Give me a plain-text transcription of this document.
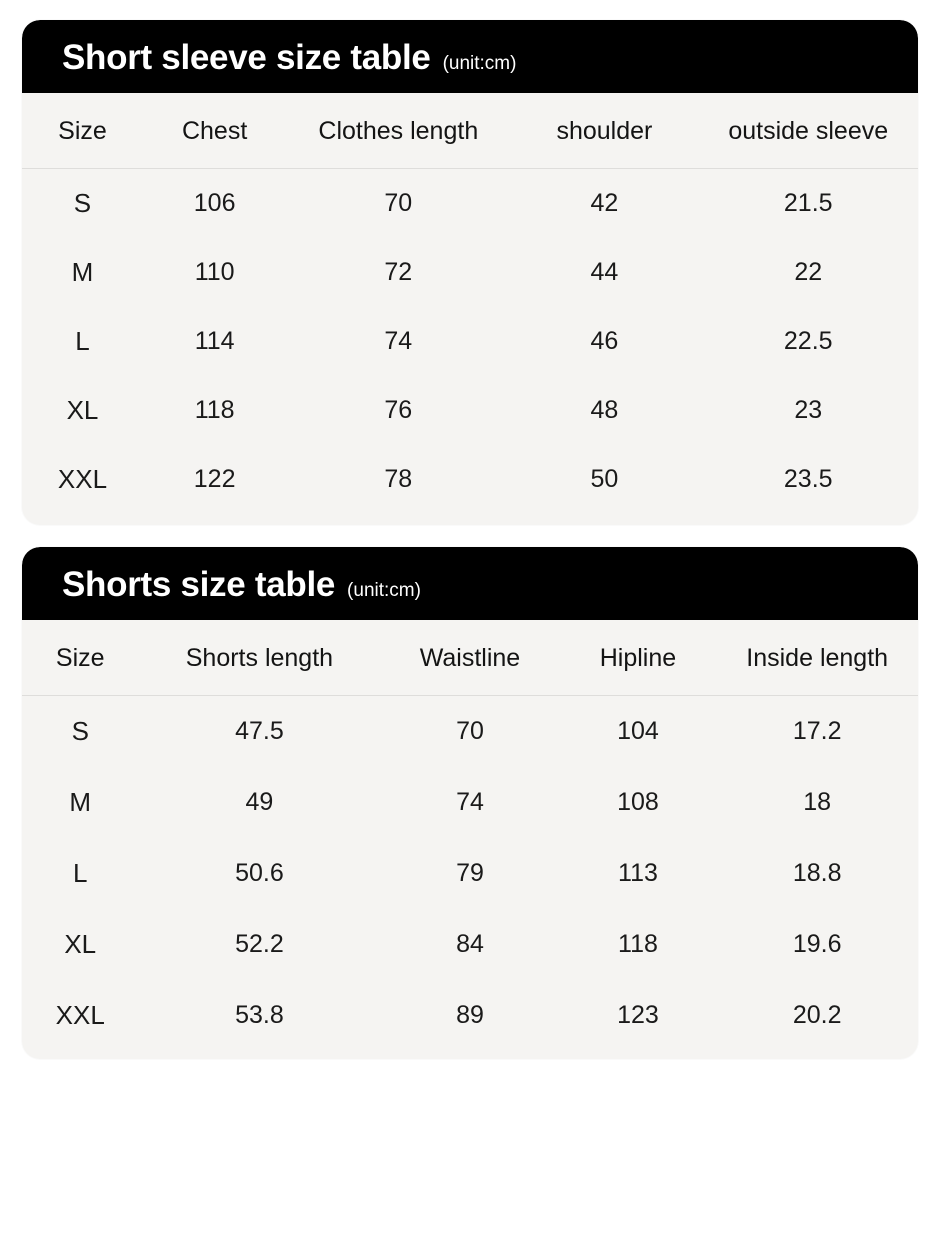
Short sleeve size table (unit:cm)
Size	Chest	Clothes length	shoulder	outside sleeve
S	106	70	42	21.5
M	110	72	44	22
L	114	74	46	22.5
XL	118	76	48	23
XXL	122	78	50	23.5
Shorts size table (unit:cm)
Size	Shorts length	Waistline	Hipline	Inside length
S	47.5	70	104	17.2
M	49	74	108	18
L	50.6	79	113	18.8
XL	52.2	84	118	19.6
XXL	53.8	89	123	20.2
